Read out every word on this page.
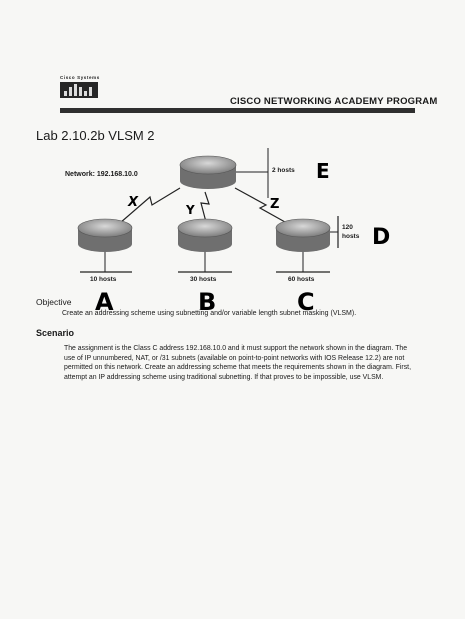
Cisco Systems
CISCO NETWORKING ACADEMY PROGRAM
Lab 2.10.2b VLSM 2
E
D
X	Y	Z
A	B	C
Network: 192.168.10.0
2 hosts
120
hosts
10 hosts	30 hosts	60 hosts
Objective
Create an addressing scheme using subnetting and/or variable length subnet masking (VLSM).
Scenario
The assignment is the Class C address 192.168.10.0 and it must support the network shown in the diagram. The use of IP unnumbered, NAT, or /31 subnets (available on point-to-point networks with IOS Release 12.2) are not permitted on this network. Create an addressing scheme that meets the requirements shown in the diagram. First, attempt an IP addressing scheme using traditional subnetting. If that proves to be impossible, use VLSM.
